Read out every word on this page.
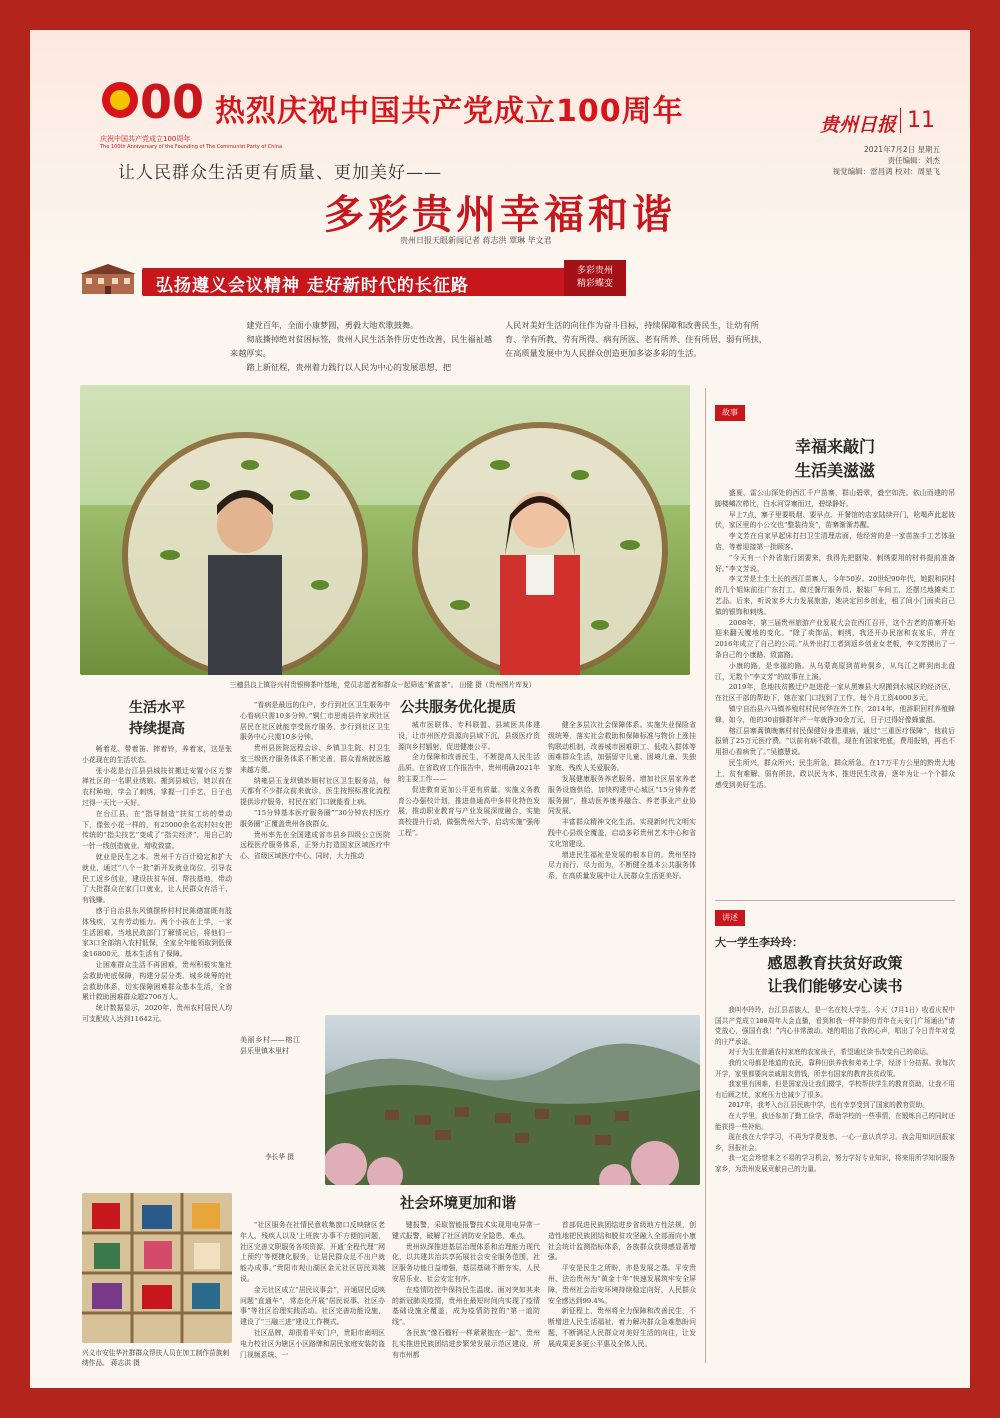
00
庆祝中国共产党成立100周年
The 100th Anniversary of the Founding of The Communist Party of China
热烈庆祝中国共产党成立100周年	贵州日报 11
2021年7月2日 星期五
责任编辑：刘杰
视觉编辑：雷昌鸿 校对：周星飞
让人民群众生活更有质量、更加美好——
多彩贵州幸福和谐
贵州日报天眼新闻记者 蒋志洪 覃琳 毕文君
弘扬遵义会议精神 走好新时代的长征路
多彩贵州
精彩蝶变

建党百年，全面小康梦圆，勇毅大地欢歌鼓舞。

彻底撕掉绝对贫困标签，贵州人民生活条件历史性改善，民生福祉越来越厚实。

踏上新征程，贵州着力践行以人民为中心的发展思想，把

人民对美好生活的向往作为奋斗目标，持续保障和改善民生，让幼有所育、学有所教、劳有所得、病有所医、老有所养、住有所居、弱有所扶，在高质量发展中为人民群众创造更加多姿多彩的生活。

三穗县良上镇谷兴村贵银柳茶叶基地，党员志愿者和群众一起筛选“紫富茶”。 田健 摄（贵州图片库发）
故事
幸福来敲门
生活美滋滋

盛夏，雷公山深处的西江千户苗寨，群山碧翠，叠空如洗。依山而建的吊脚楼鳞次栉比，白水河穿寨而过，碧绿静好。

早上7点，寨子里要吸烟、要早点、开餐馆的店家陆续开门，吆喝声此起彼伏，家区里的小公交也“整装待发”，苗寨渐渐苏醒。

李文芳在自家早起床打扫卫生清理店面，他经营的是一家苗族手工艺体验店，等着迎接第一批顾客。

“今天有一个外省旅行团要来，我得先把胭染、刺绣要用的材料提前准备好。”李文芳说。

李文芳是土生土长的西江苗寨人，今年50岁。20世纪90年代，她跟和同村的几个姐妹前往广东打工，做过餐厅服务员、服装厂车间工，还摆过地摊卖工艺品。后来，听说家乡大力发展旅游，她决定回乡创业，租了间小门面卖自己做的银饰和刺绣。

2008年，第三届贵州旅游产业发展大会在西江召开，这个古老的苗寨开始迎来翻天覆地的变化。“除了卖饰品、刺绣，我还开办民宿和农家乐，并在2016年成立了自己的公司。”从外出打工者到返乡创业女老板，李文芳摸出了一条自己的小康路、致富路。

小康的路，是幸福的路。从乌蒙高原到苗岭侗乡，从乌江之畔到南北盘江，无数个“李文芳”的故事在上演。

2019年，息地扶贫搬迁户赵进花一家从黑寨县大坝搬到水城区的经济区，在社区干部的帮助下，她在家门口找到了工作，每个月工资4000多元。

镇宁自治县六马镇养殖村村民何华在外工作，2014年，他辞职回村养殖蜂蜂，如今，他的30亩蜂群年产一年就挣30余万元，日子过得好像蜂蜜甜。

榕江县寨蒿镇晚寨村村民保健好身患重病，通过“三重医疗保障”，他前后报销了25万元医疗费。“以前有病不敢看，现在有国家兜底，费用报销，再也不用担心看病贵了。”吴德慧说。

民生所兴，群众所兴；民生所急，群众所急。在17万平方公里的黔贵大地上，贫有难解、弱有所扶，政以民为本，推进民生改善，逐年为让一个个群众感受到美好生活。

讲述
大一学生李玲玲：
感恩教育扶贫好政策
让我们能够安心读书

我叫李玲玲，台江县苗族人，是一名在校大学生。今天（7月1日）收看庆祝中国共产党成立100周年大会直播，看到和我一样年龄的青年在天安门广场通出“请党放心，强国有我！”内心非常激动。她的唱出了我的心声，唱出了今日青年对党的庄严承诺。

对于为生在普通农村家庭的农家孩子，希望通过读书改变自己的命运。

我的父母都是地道的农民，靠种田供养我和弟弟上学，经济十分拮据。我每次开学，家里都要向亲戚朋友借钱，所幸有国家的教育扶贫政策。

我家里有困难，但是国家没让我们辍学，学校帮扶学生的教育资助，让我不用有后顾之忧，家庭压力也减少了很多。

2017年，我考入台江县民族中学，也有幸享受到了国家的教育资助。

在大学里，我还参加了勤工俭学，帮助学校的一些事情，在锻炼自己的同时还能获得一些补贴。

现在我在大学学习，不再为学费发愁，一心一意认真学习。我会用知识回报家乡，回报社会。

我一定会珍惜来之不易的学习机会，努力学好专业知识，将来用所学知识服务家乡，为贵州发展贡献自己的力量。

生活水平
持续提高

畅着花、带着笛、摔着铃，养着家，这是张小花现在的生活状态。

张小花是台江县县城扶贫搬迁安置小区方黎禅社区的一名职业绣娘。搬到县城后，她以前在农村种地，学会了刺绣，掌握一门手艺，日子也过得一天比一天好。

在台江县，在“指导制造”扶贫工坊的带动下，像张小花一样的，有25000余名农村妇女把传统的“指尖技艺”变成了“指尖经济”，用自己的一针一线创造就业、增收致富。

就业是民生之本。贵州千方百计稳定和扩大就业，通过“八个一批”新开发就业岗位，引导农民工返乡创业，建设扶贫车间、帮扶基地，带动了大批群众在家门口就业，让人民群众有活干、有钱赚。

感于自治县东风镇摆桥村村民陈德富既有肢体残疾，又有劳动能力。两个小孩在上学，一家生活困难。当地民政部门了解情况后，将他们一家3口全部纳入农村低保，全家全年能领取到低保金16800元，基本生活有了保障。

让困难群众生活不再困难，贵州积极实施社会救助兜底保障，构建分层分类、城乡统筹的社会救助体系，切实保障困难群众基本生活，全省累计救助困难群众超2706万人。

统计数据显示，2020年，贵州农村居民人均可支配收入达到11642元。

“看病是最远的住户，步行到社区卫生服务中心看病只需10多分钟。”铜仁市思南县许家坝社区居民在社区就能享受医疗服务，步行到社区卫生服务中心只需10多分钟。

贵州县医院远程会诊、乡镇卫生院、村卫生室三级医疗服务体系不断完善，群众看病就医越来越方便。

纳雍县玉龙坝镇妙厕村社区卫生服务站，每天都有不少群众前来就诊，医生按照标准化流程提供诊疗服务，村民在家门口就能看上病。

“15分钟基本医疗服务圈”“30分钟农村医疗服务圈”正覆盖贵州各族群众。

贵州率先在全国建成省市县乡四级公立医院远程医疗服务体系，正努力打造国家区域医疗中心、省级区域医疗中心。同时，大力推动

公共服务优化提质

城市医联体、专科联盟、县域医共体建设，让市州医疗资源向县域下沉，县级医疗资源向乡村辐射，促进健康公平。

全力保障和改善民生，不断提高人民生活品质。在省政府工作报告中，贵州明确2021年的主要工作——

促进教育更加公平更有质量。实施义务教育公办强校计划，推进普通高中多样化特色发展，推动职业教育与产业发展深度融合，实施高校提升行动，做强贵州大学，启动实施“强师工程”。

健全多层次社会保障体系。实施失业保险省级统筹，落实社会救助和保障标准与物价上涨挂钩联动机制，改善城市困难职工、低收入群体等困难群众生活，加强留守儿童、困境儿童、失独家庭、残疾人关爱服务。

发展健康服务养老服务。增加社区居家养老服务设施供给，加快构建中心城区“15分钟养老服务圈”，推动医养康养融合、养老事业产业协同发展。

丰富群众精神文化生活。实现新时代文明实践中心县级全覆盖，启动多彩贵州艺术中心和省文化馆建设。

增进民生福祉是发展的根本目的。贵州坚持尽力而行、尽力而为，不断健全基本公共服务体系，在高质量发展中让人民群众生活更美好。

美丽乡村——榕江县乐里镇本里村
李长华 摄
兴义市安佳华社群群众帮扶人员在加工制作苗族刺绣作品。 蒋志洪 摄
社会环境更加和谐

“社区服务在社情民意收集窗口反映辖区老年人、残疾人以及‘上班族’办事不方便的问题，社区完善文职服务各项资源，开通‘全程代理’‘网上预约’等便捷化服务，让居民群众足不出户就能办成事。”贵阳市观山湖区金元社区居民刘姨说。

金元社区成立“居民议事会”，开通居民反映问题“直通车”，常态化开展“居民说事、社区办事”等社区治理实践活动。社区完善功能设施，建设了“三融三进”建设工作模式。

社区品牌，却很看平安门户，贵阳市南明区电力校社区为辖区小区路牌和居民家庭安装防盗门视频系统、一

键报警，采取智能报警技术实现用电异常一键式报警，破解了社区消防安全隐患、难点。

贵州纵深推进基层治理体系和治理能力现代化，以共建共治共享拓展社会安全服务范围，社区服务功能日益增强，基层基础不断夯实，人民安居乐业、社会安定有序。

在疫情防控中保持民生温度。面对突如其来的新冠肺炎疫情，贵州在最短时间内实现了疫情基础设施全覆盖，成为疫情防控的“第一道防线”。

各民族“像石榴籽一样紧紧抱在一起”，贵州扎实推进民族团结进步繁荣发展示范区建设，所有市州都

首部促进民族团结进步省级地方性法规，创造性地把民族团结和脱贫攻坚融入全部面向小康社会统计监测指标体系，各族群众获得感显著增强。

平安是民生之所盼，亦是发展之基。平安贵州、法治贵州为“黄金十年”快速发展筑牢安全屏障，贵州社会治安环境持续稳定向好，人民群众安全感达到99.4%。

新征程上，贵州将全力保障和改善民生，不断增进人民生活福祉，着力解决群众急难愁盼问题，不断满足人民群众对美好生活的向往，让发展成果更多更公平惠及全体人民。
